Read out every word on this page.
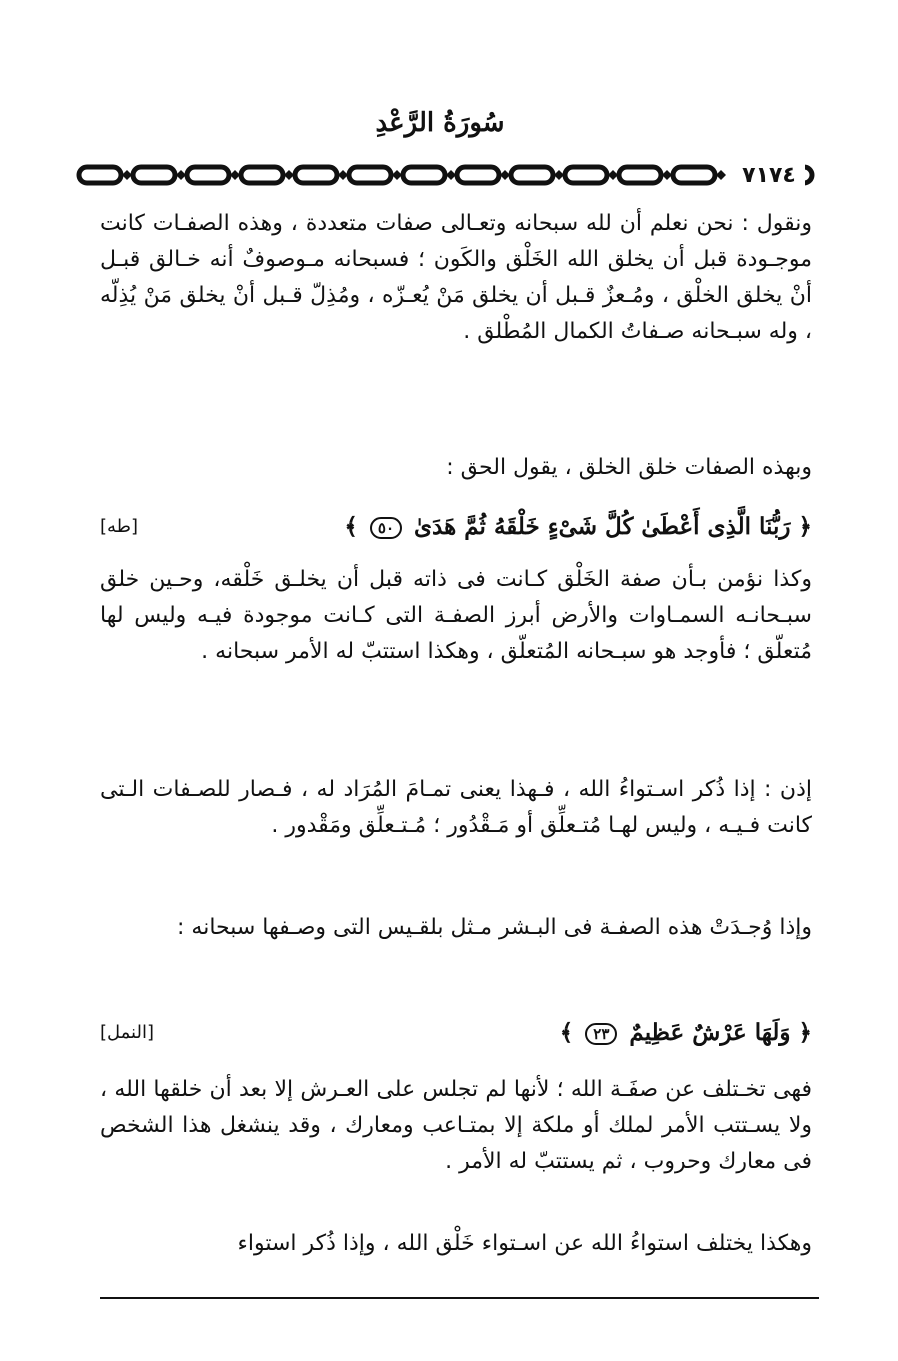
سُورَةُ الرَّعْدِ
٧١٧٤
ونقول : نحن نعلم أن لله سبحانه وتعـالى صفات متعددة ، وهذه الصفـات كانت موجـودة قبل أن يخلق الله الخَلْق والكَون ؛ فسبحانه مـوصوفٌ أنه خـالق قبـل أنْ يخلق الخلْق ، ومُـعزٌ قـبل أن يخلق مَنْ يُعـزّه ، ومُذِلّ قـبل أنْ يخلق مَنْ يُذِلّه ، وله سبـحانه صـفاتُ الكمال المُطْلق .
وبهذه الصفات خلق الخلق ، يقول الحق :
﴿ رَبُّنَا الَّذِى أَعْطَىٰ كُلَّ شَىْءٍ خَلْقَهُ ثُمَّ هَدَىٰ ٥٠ ﴾
[طه]
وكذا نؤمن بـأن صفة الخَلْق كـانت فى ذاته قبل أن يخلـق خَلْقه، وحـين خلق سبـحانـه السمـاوات والأرض أبرز الصفـة التى كـانت موجودة فيـه وليس لها مُتعلّق ؛ فأوجد هو سبـحانه المُتعلّق ، وهكذا استتبّ له الأمر سبحانه .
إذن : إذا ذُكر اسـتواءُ الله ، فـهذا يعنى تمـامَ المُرَاد له ، فـصار للصـفات الـتى كانت فـيـه ، وليس لهـا مُتـعلِّق أو مَـقْدُور ؛ مُـتـعلِّق ومَقْدور .
وإذا وُجـدَتْ هذه الصفـة فى البـشر مـثل بلقـيس التى وصـفها سبحانه :
﴿ وَلَهَا عَرْشٌ عَظِيمٌ ٢٣ ﴾
[النمل]
فهى تخـتلف عن صفَـة الله ؛ لأنها لم تجلس على العـرش إلا بعد أن خلقها الله ، ولا يسـتتب الأمر لملك أو ملكة إلا بمتـاعب ومعارك ، وقد ينشغل هذا الشخص فى معارك وحروب ، ثم يستتبّ له الأمر .
وهكذا يختلف استواءُ الله عن اسـتواء خَلْق الله ، وإذا ذُكر استواء
